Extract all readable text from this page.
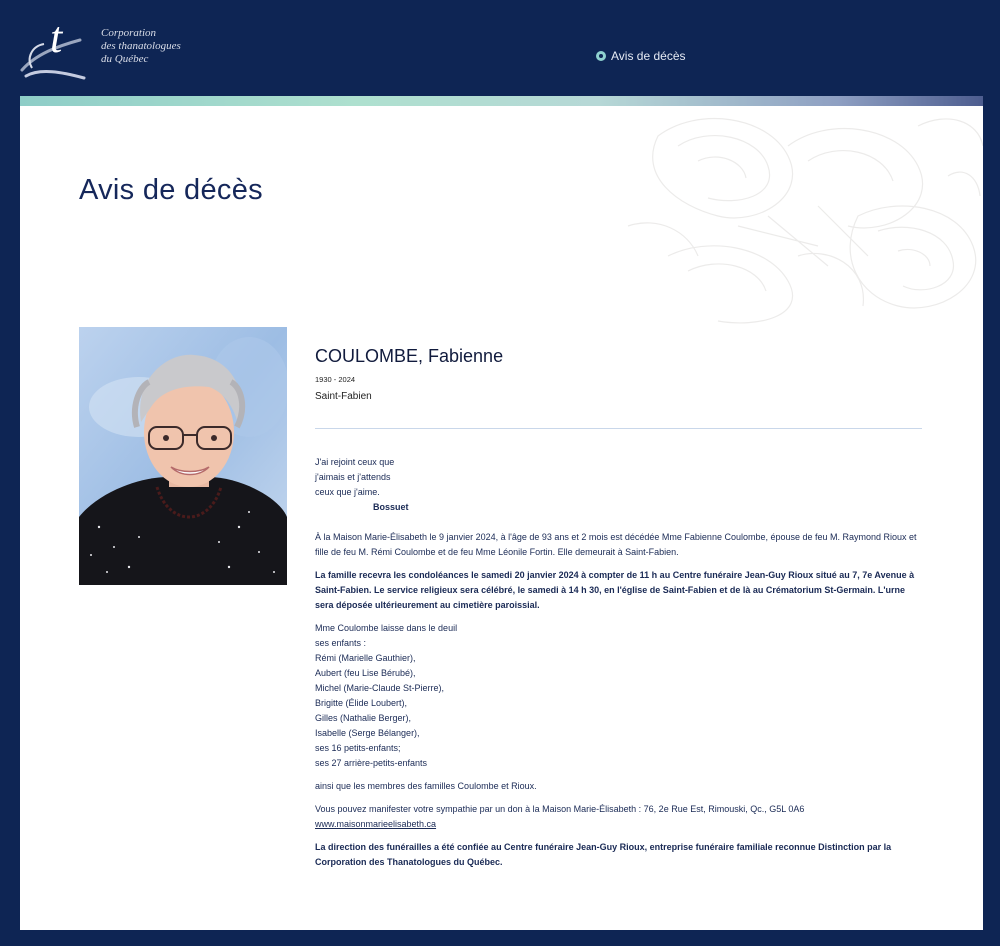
t	Corporation
des thanatologues
du Québec	Avis de décès
Avis de décès
COULOMBE, Fabienne
1930 - 2024
Saint-Fabien
J'ai rejoint ceux que
j'aimais et j'attends
ceux que j'aime.
Bossuet

À la Maison Marie-Élisabeth le 9 janvier 2024, à l'âge de 93 ans et 2 mois est décédée Mme Fabienne Coulombe, épouse de feu M. Raymond Rioux et fille de feu M. Rémi Coulombe et de feu Mme Léonile Fortin. Elle demeurait à Saint-Fabien.

La famille recevra les condoléances le samedi 20 janvier 2024 à compter de 11 h au Centre funéraire Jean-Guy Rioux situé au 7, 7e Avenue à Saint-Fabien. Le service religieux sera célébré, le samedi à 14 h 30, en l'église de Saint-Fabien et de là au Crématorium St-Germain. L'urne sera déposée ultérieurement au cimetière paroissial.

Mme Coulombe laisse dans le deuil
ses enfants :
Rémi (Marielle Gauthier),
Aubert (feu Lise Bérubé),
Michel (Marie-Claude St-Pierre),
Brigitte (Élide Loubert),
Gilles (Nathalie Berger),
Isabelle (Serge Bélanger),
ses 16 petits-enfants;
ses 27 arrière-petits-enfants

ainsi que les membres des familles Coulombe et Rioux.

Vous pouvez manifester votre sympathie par un don à la Maison Marie-Élisabeth : 76, 2e Rue Est, Rimouski, Qc., G5L 0A6 www.maisonmarieelisabeth.ca

La direction des funérailles a été confiée au Centre funéraire Jean-Guy Rioux, entreprise funéraire familiale reconnue Distinction par la Corporation des Thanatologues du Québec.
